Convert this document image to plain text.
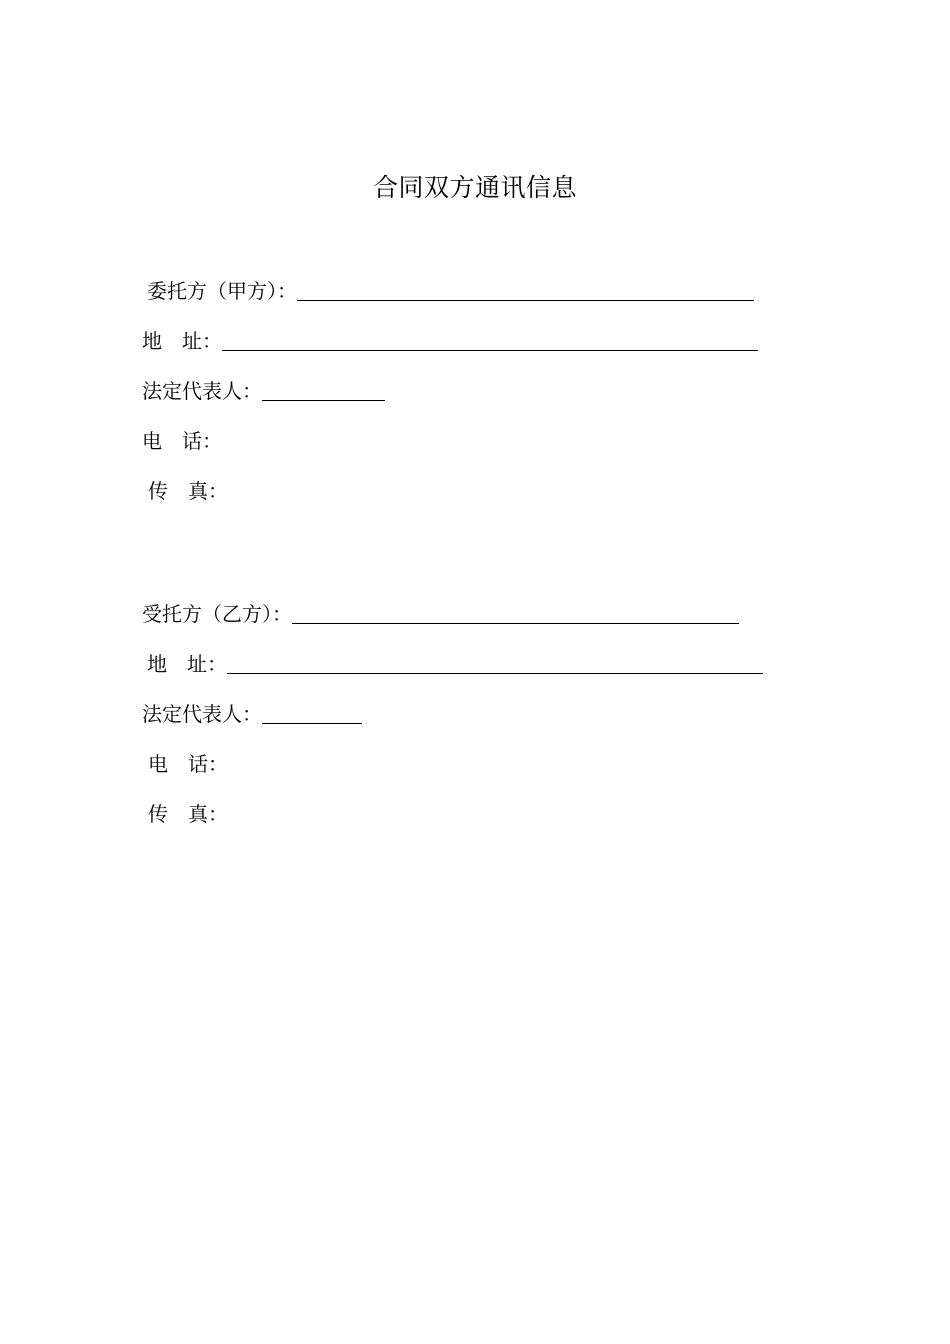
合同双方通讯信息
委托方（甲方）：
地　址：
法定代表人：
电　话：
传　真：
受托方（乙方）：
地　址：
法定代表人：
电　话：
传　真：
